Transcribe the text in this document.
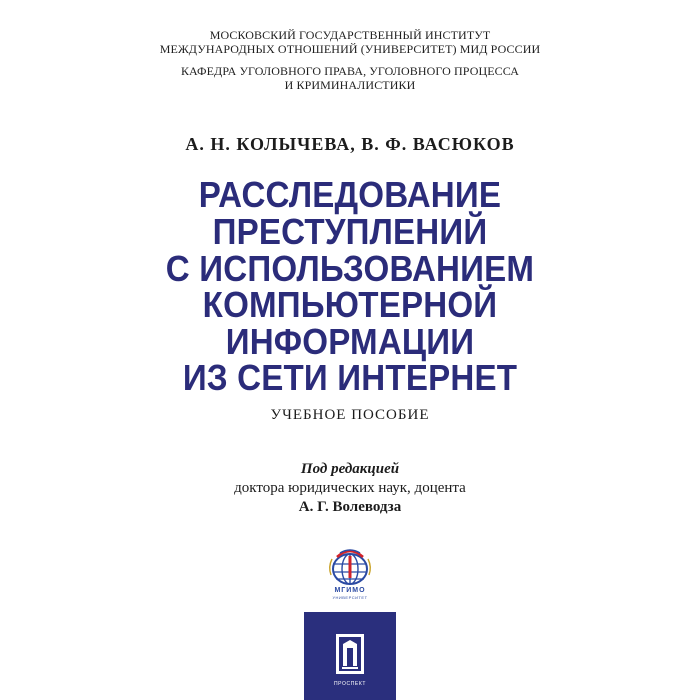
МОСКОВСКИЙ ГОСУДАРСТВЕННЫЙ ИНСТИТУТ
МЕЖДУНАРОДНЫХ ОТНОШЕНИЙ (УНИВЕРСИТЕТ) МИД РОССИИ
КАФЕДРА УГОЛОВНОГО ПРАВА, УГОЛОВНОГО ПРОЦЕССА
И КРИМИНАЛИСТИКИ
А. Н. КОЛЫЧЕВА, В. Ф. ВАСЮКОВ
РАССЛЕДОВАНИЕ
ПРЕСТУПЛЕНИЙ
С ИСПОЛЬЗОВАНИЕМ
КОМПЬЮТЕРНОЙ
ИНФОРМАЦИИ
ИЗ СЕТИ ИНТЕРНЕТ
УЧЕБНОЕ ПОСОБИЕ
Под редакцией
доктора юридических наук, доцента
А. Г. Волеводза
МГИМО
УНИВЕРСИТЕТ
ПРОСПЕКТ
